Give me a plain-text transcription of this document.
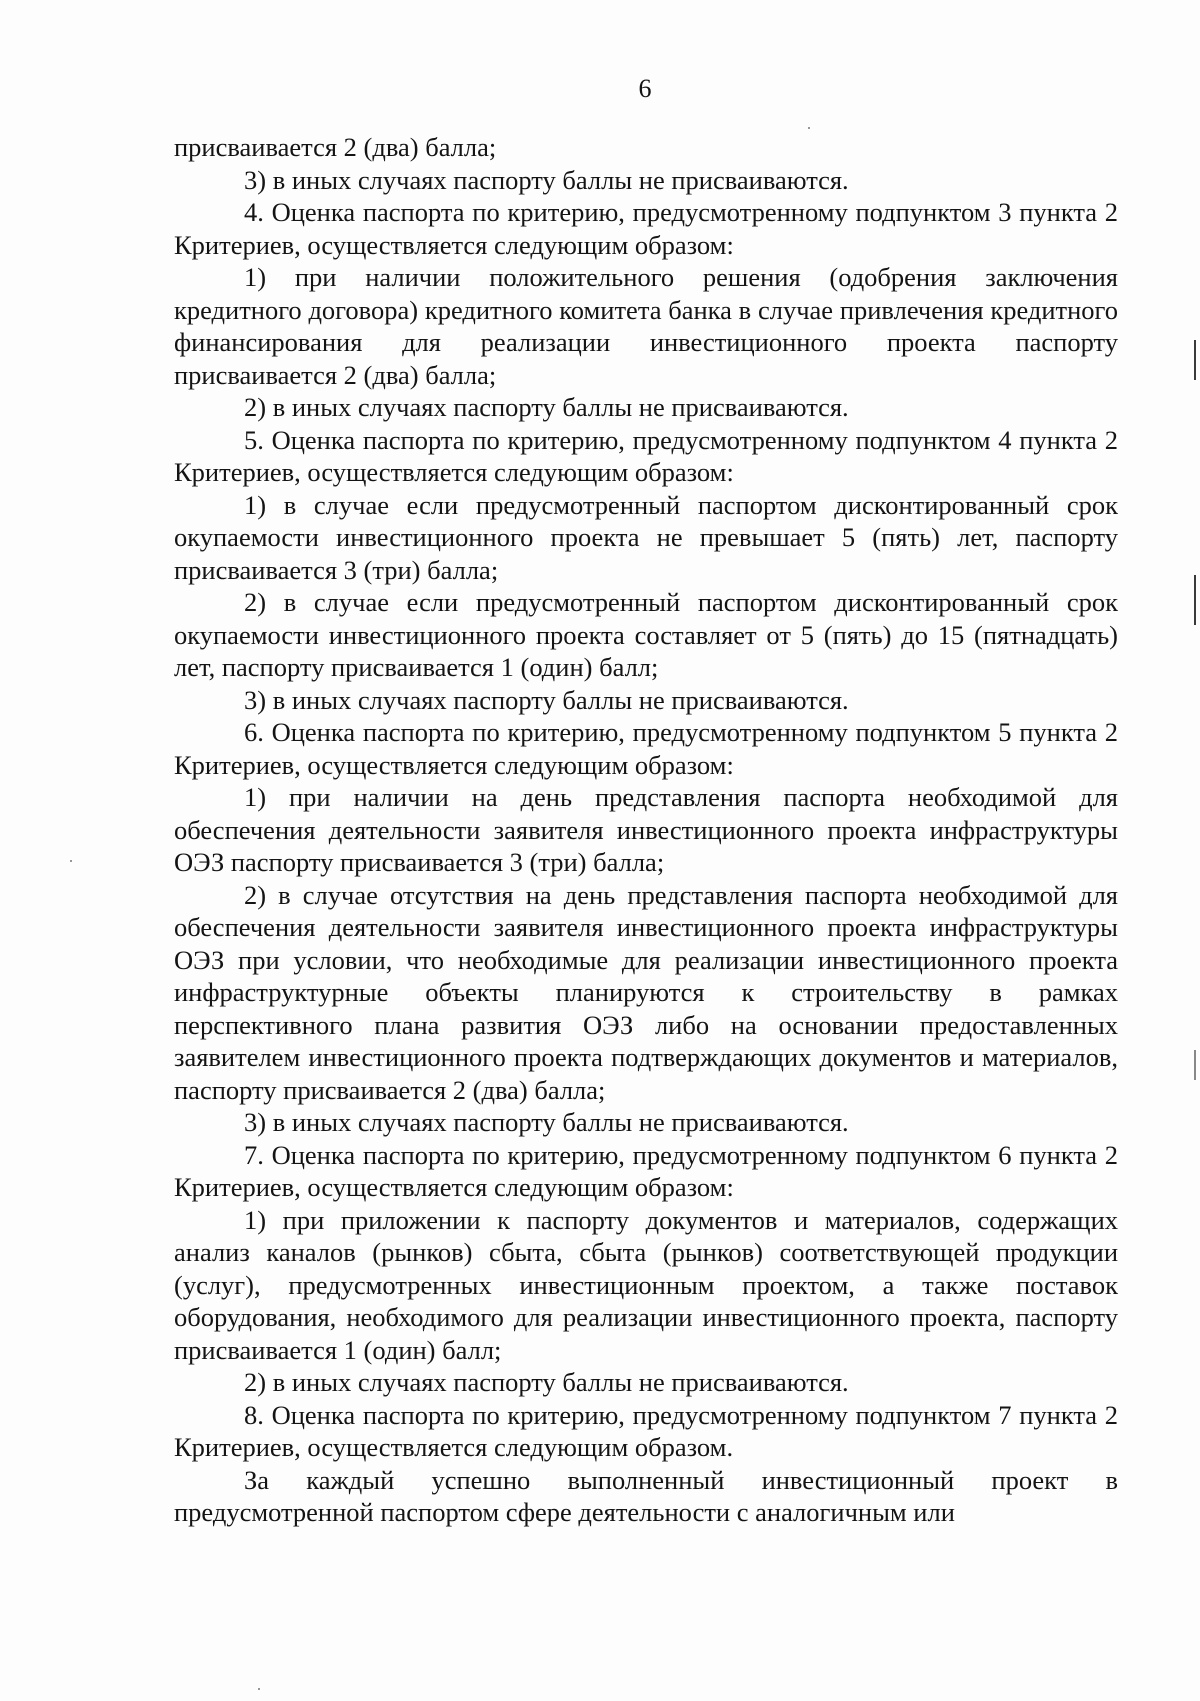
6

присваивается 2 (два) балла;

3) в иных случаях паспорту баллы не присваиваются.

4. Оценка паспорта по критерию, предусмотренному подпунктом 3 пункта 2 Критериев, осуществляется следующим образом:

1) при наличии положительного решения (одобрения заключения кредитного договора) кредитного комитета банка в случае привлечения кредитного финансирования для реализации инвестиционного проекта паспорту присваивается 2 (два) балла;

2) в иных случаях паспорту баллы не присваиваются.

5. Оценка паспорта по критерию, предусмотренному подпунктом 4 пункта 2 Критериев, осуществляется следующим образом:

1) в случае если предусмотренный паспортом дисконтированный срок окупаемости инвестиционного проекта не превышает 5 (пять) лет, паспорту присваивается 3 (три) балла;

2) в случае если предусмотренный паспортом дисконтированный срок окупаемости инвестиционного проекта составляет от 5 (пять) до 15 (пятнадцать) лет, паспорту присваивается 1 (один) балл;

3) в иных случаях паспорту баллы не присваиваются.

6. Оценка паспорта по критерию, предусмотренному подпунктом 5 пункта 2 Критериев, осуществляется следующим образом:

1) при наличии на день представления паспорта необходимой для обеспечения деятельности заявителя инвестиционного проекта инфраструктуры ОЭЗ паспорту присваивается 3 (три) балла;

2) в случае отсутствия на день представления паспорта необходимой для обеспечения деятельности заявителя инвестиционного проекта инфраструктуры ОЭЗ при условии, что необходимые для реализации инвестиционного проекта инфраструктурные объекты планируются к строительству в рамках перспективного плана развития ОЭЗ либо на основании предоставленных заявителем инвестиционного проекта подтверждающих документов и материалов, паспорту присваивается 2 (два) балла;

3) в иных случаях паспорту баллы не присваиваются.

7. Оценка паспорта по критерию, предусмотренному подпунктом 6 пункта 2 Критериев, осуществляется следующим образом:

1) при приложении к паспорту документов и материалов, содержащих анализ каналов (рынков) сбыта, сбыта (рынков) соответствующей продукции (услуг), предусмотренных инвестиционным проектом, а также поставок оборудования, необходимого для реализации инвестиционного проекта, паспорту присваивается 1 (один) балл;

2) в иных случаях паспорту баллы не присваиваются.

8. Оценка паспорта по критерию, предусмотренному подпунктом 7 пункта 2 Критериев, осуществляется следующим образом.

За каждый успешно выполненный инвестиционный проект в предусмотренной паспортом сфере деятельности с аналогичным или
